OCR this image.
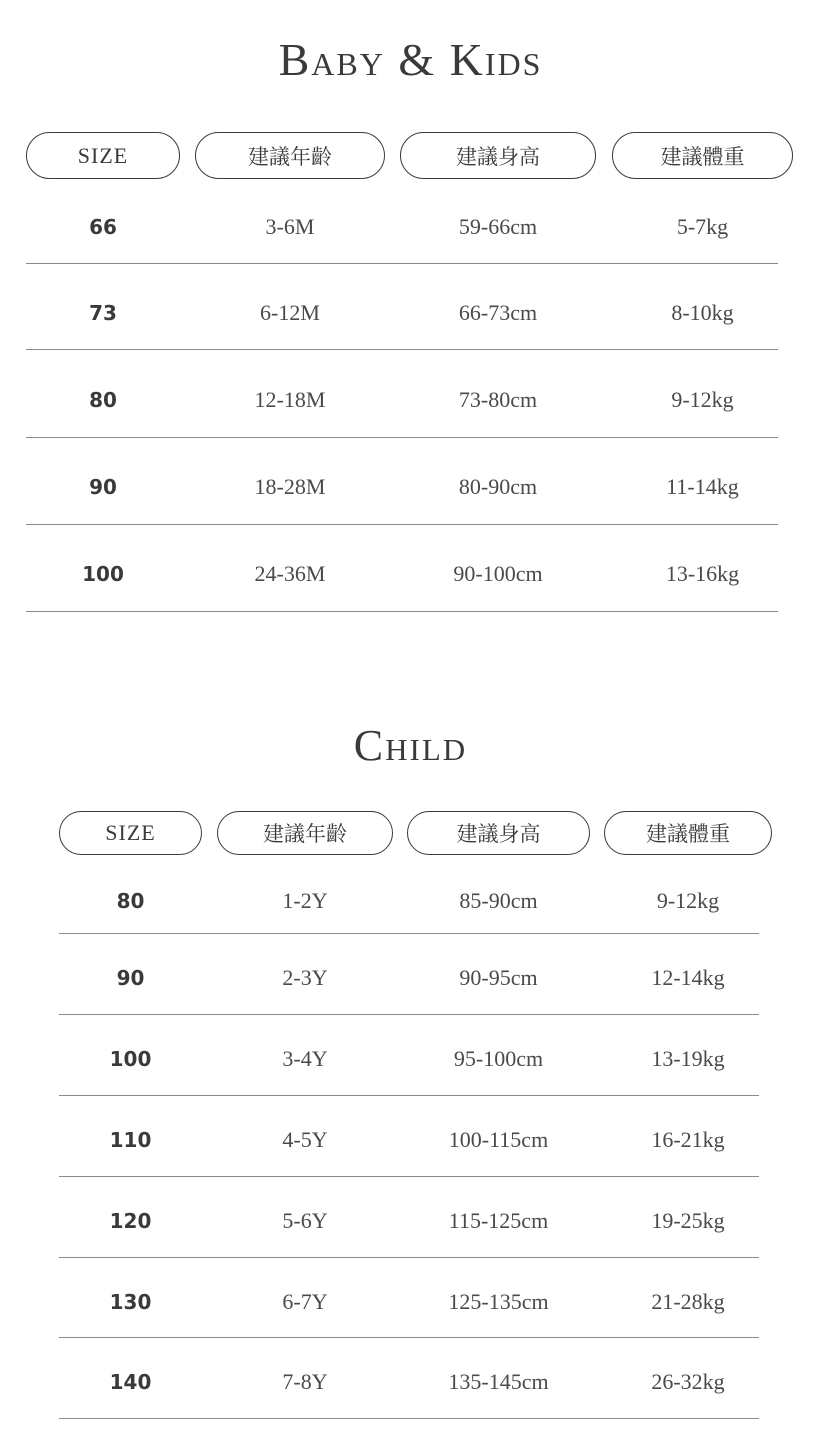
Baby & Kids
SIZE	建議年齡	建議身高	建議體重
66	3-6M	59-66cm	5-7kg
73	6-12M	66-73cm	8-10kg
80	12-18M	73-80cm	9-12kg
90	18-28M	80-90cm	11-14kg
100	24-36M	90-100cm	13-16kg
Child
SIZE	建議年齡	建議身高	建議體重
80	1-2Y	85-90cm	9-12kg
90	2-3Y	90-95cm	12-14kg
100	3-4Y	95-100cm	13-19kg
110	4-5Y	100-115cm	16-21kg
120	5-6Y	115-125cm	19-25kg
130	6-7Y	125-135cm	21-28kg
140	7-8Y	135-145cm	26-32kg
